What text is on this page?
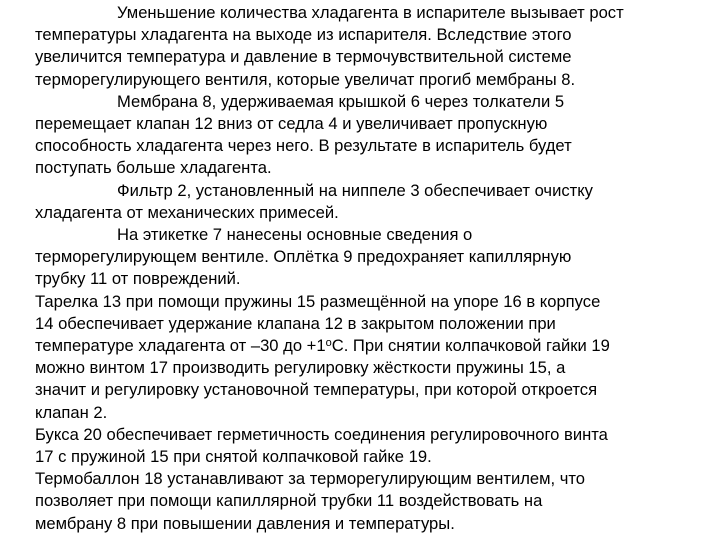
Уменьшение количества хладагента в испарителе вызывает рост
температуры хладагента на выходе из испарителя. Вследствие этого
увеличится температура и давление в термочувствительной системе
терморегулирующего вентиля, которые увеличат прогиб мембраны 8.

Мембрана 8, удерживаемая крышкой 6 через толкатели 5
перемещает клапан 12 вниз от седла 4 и увеличивает пропускную
способность хладагента через него. В результате в испаритель будет
поступать больше хладагента.

Фильтр 2, установленный на ниппеле 3 обеспечивает очистку
хладагента от механических примесей.

На этикетке 7 нанесены основные сведения о
терморегулирующем вентиле. Оплётка 9 предохраняет капиллярную
трубку 11 от повреждений.

Тарелка 13 при помощи пружины 15 размещённой на упоре 16 в корпусе
14 обеспечивает удержание клапана 12 в закрытом положении при
температуре хладагента от –30 до $+1^оС$. При снятии колпачковой гайки 19
можно винтом 17 производить регулировку жёсткости пружины 15, а
значит и регулировку установочной температуры, при которой откроется
клапан 2.

Букса 20 обеспечивает герметичность соединения регулировочного винта
17 с пружиной 15 при снятой колпачковой гайке 19.

Термобаллон 18 устанавливают за терморегулирующим вентилем, что
позволяет при помощи капиллярной трубки 11 воздействовать на
мембрану 8 при повышении давления и температуры.
